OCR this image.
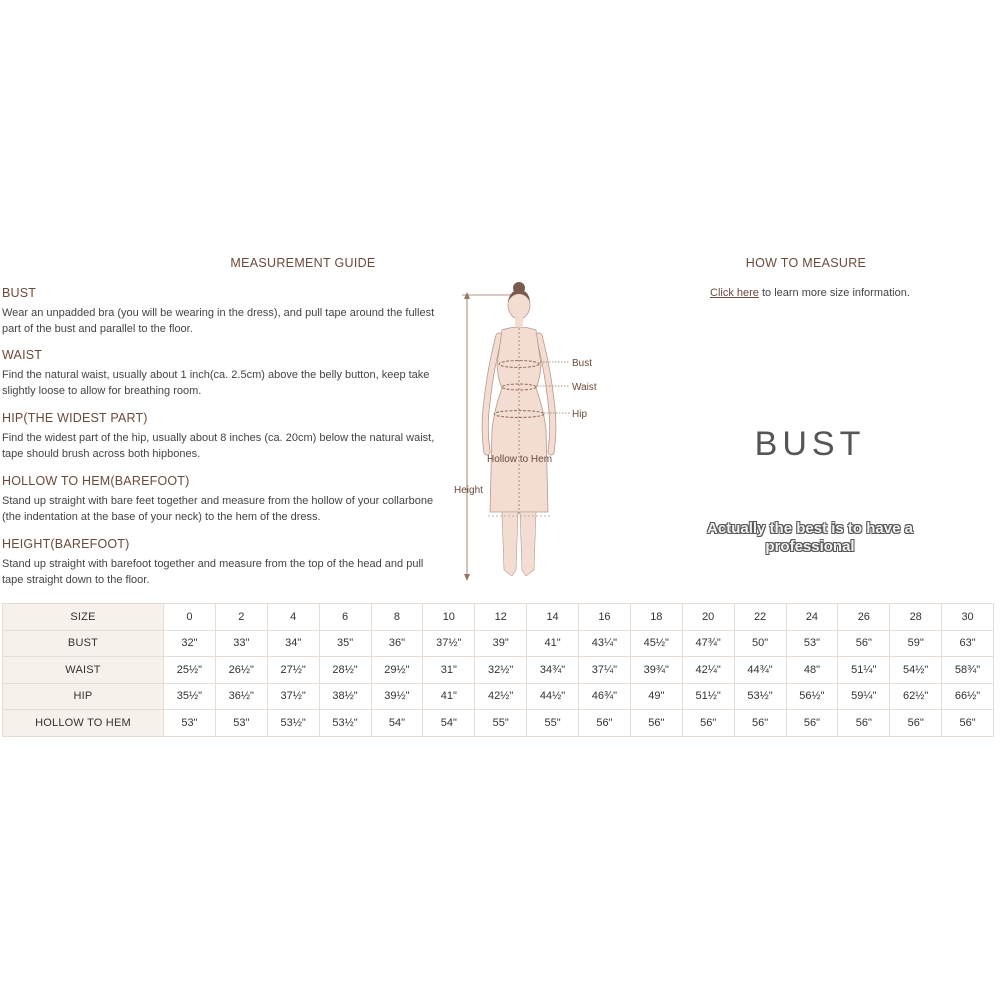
MEASUREMENT GUIDE
BUST
Wear an unpadded bra (you will be wearing in the dress), and pull tape around the fullest part of the bust and parallel to the floor.
WAIST
Find the natural waist, usually about 1 inch(ca. 2.5cm) above the belly button, keep take slightly loose to allow for breathing room.
HIP(THE WIDEST PART)
Find the widest part of the hip, usually about 8 inches (ca. 20cm) below the natural waist, tape should brush across both hipbones.
HOLLOW TO HEM(BAREFOOT)
Stand up straight with bare feet together and measure from the hollow of your collarbone (the indentation at the base of your neck) to the hem of the dress.
HEIGHT(BAREFOOT)
Stand up straight with barefoot together and measure from the top of the head and pull tape straight down to the floor.
Bust
Waist
Hip
Hollow to Hem
Height
HOW TO MEASURE
Click here to learn more size information.
BUST
Actually the best is to have a professional
SIZE	0	2	4	6	8	10	12	14	16	18	20	22	24	26	28	30
BUST	32"	33"	34"	35"	36"	37½"	39"	41"	43¼"	45½"	47¾"	50"	53"	56"	59"	63"
WAIST	25½"	26½"	27½"	28½"	29½"	31"	32½"	34¾"	37¼"	39¾"	42¼"	44¾"	48"	51¼"	54½"	58¾"
HIP	35½"	36½"	37½"	38½"	39½"	41"	42½"	44½"	46¾"	49"	51½"	53½"	56½"	59¼"	62½"	66½"
HOLLOW TO HEM	53"	53"	53½"	53½"	54"	54"	55"	55"	56"	56"	56"	56"	56"	56"	56"	56"
